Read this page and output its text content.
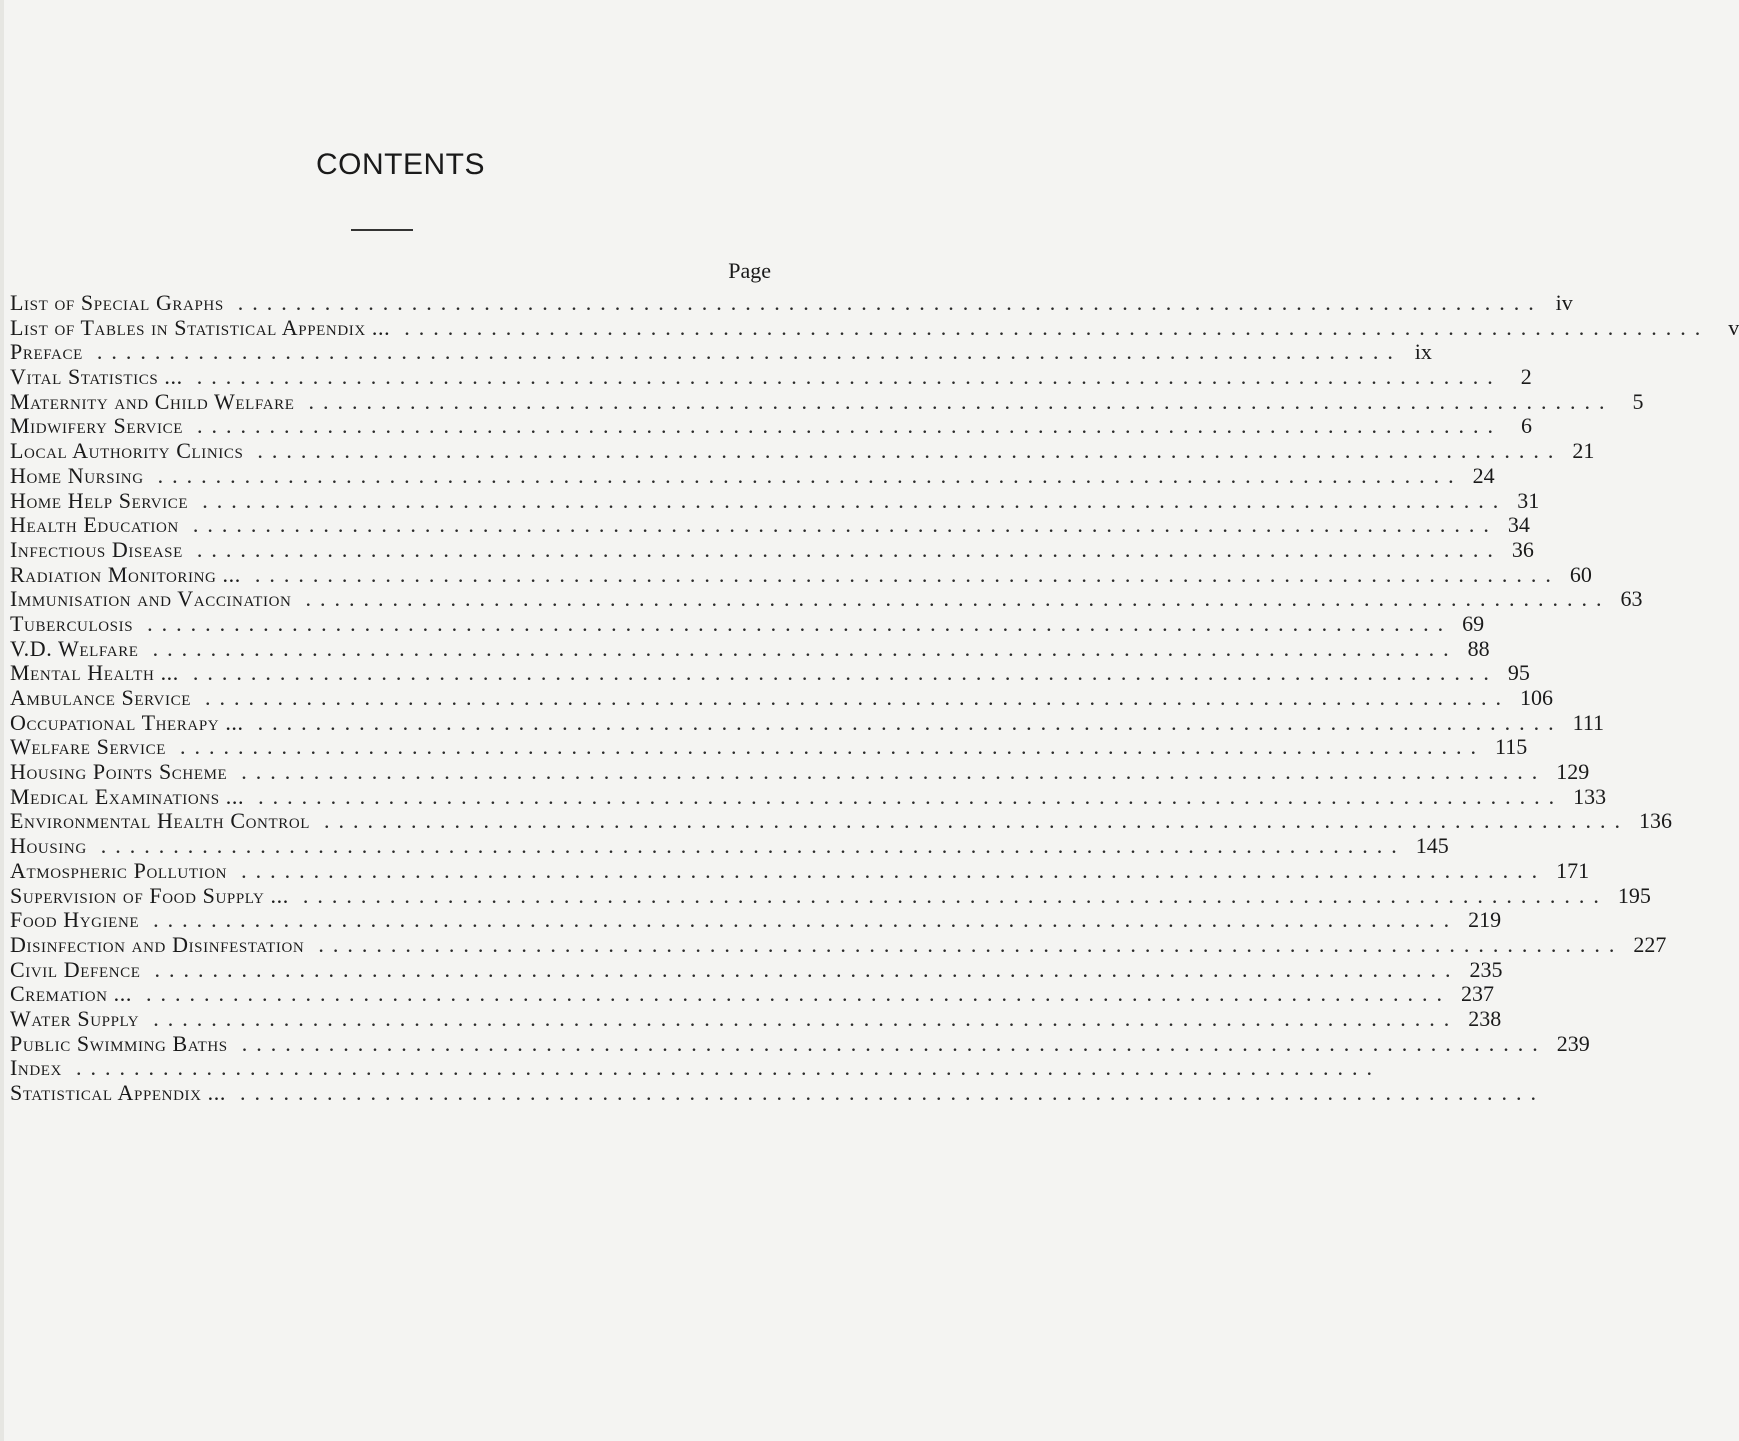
CONTENTS
Page
List of Special Graphs .......................................................................................... iv
List of Tables in Statistical Appendix ... .......................................................................................... v
Preface .......................................................................................... ix
Vital Statistics ... .......................................................................................... 2
Maternity and Child Welfare .......................................................................................... 5
Midwifery Service .......................................................................................... 6
Local Authority Clinics .......................................................................................... 21
Home Nursing .......................................................................................... 24
Home Help Service .......................................................................................... 31
Health Education .......................................................................................... 34
Infectious Disease .......................................................................................... 36
Radiation Monitoring ... .......................................................................................... 60
Immunisation and Vaccination .......................................................................................... 63
Tuberculosis .......................................................................................... 69
V.D. Welfare .......................................................................................... 88
Mental Health ... .......................................................................................... 95
Ambulance Service .......................................................................................... 106
Occupational Therapy ... .......................................................................................... 111
Welfare Service .......................................................................................... 115
Housing Points Scheme .......................................................................................... 129
Medical Examinations ... .......................................................................................... 133
Environmental Health Control .......................................................................................... 136
Housing .......................................................................................... 145
Atmospheric Pollution .......................................................................................... 171
Supervision of Food Supply ... .......................................................................................... 195
Food Hygiene .......................................................................................... 219
Disinfection and Disinfestation .......................................................................................... 227
Civil Defence .......................................................................................... 235
Cremation ... .......................................................................................... 237
Water Supply .......................................................................................... 238
Public Swimming Baths .......................................................................................... 239
Index ..........................................................................................
Statistical Appendix ... ..........................................................................................
